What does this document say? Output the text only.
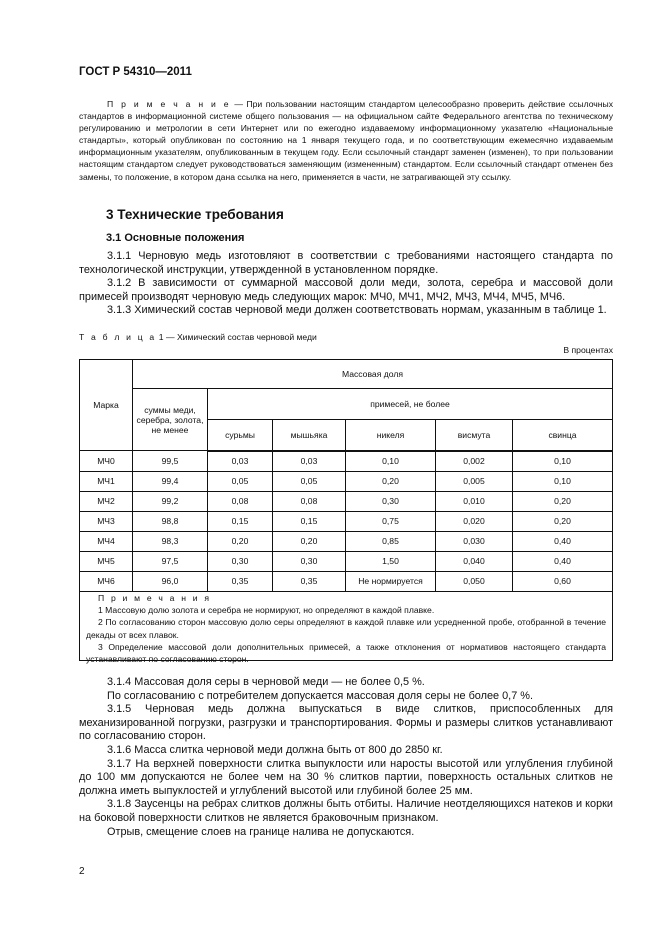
ГОСТ Р 54310—2011
П р и м е ч а н и е — При пользовании настоящим стандартом целесообразно проверить действие ссылочных стандартов в информационной системе общего пользования — на официальном сайте Федерального агентства по техническому регулированию и метрологии в сети Интернет или по ежегодно издаваемому информационному указателю «Национальные стандарты», который опубликован по состоянию на 1 января текущего года, и по соответствующим ежемесячно издаваемым информационным указателям, опубликованным в текущем году. Если ссылочный стандарт заменен (изменен), то при пользовании настоящим стандартом следует руководствоваться заменяющим (измененным) стандартом. Если ссылочный стандарт отменен без замены, то положение, в котором дана ссылка на него, применяется в части, не затрагивающей эту ссылку.
3 Технические требования
3.1 Основные положения
3.1.1 Черновую медь изготовляют в соответствии с требованиями настоящего стандарта по технологической инструкции, утвержденной в установленном порядке.
3.1.2 В зависимости от суммарной массовой доли меди, золота, серебра и массовой доли примесей производят черновую медь следующих марок: МЧ0, МЧ1, МЧ2, МЧ3, МЧ4, МЧ5, МЧ6.
3.1.3 Химический состав черновой меди должен соответствовать нормам, указанным в таблице 1.
Т а б л и ц а 1 — Химический состав черновой меди
В процентах
Марка	Массовая доля					
	суммы меди, серебра, золота, не менее	примесей, не более				
		сурьмы	мышьяка	никеля	висмута	свинца
МЧ0	99,5	0,03	0,03	0,10	0,002	0,10
МЧ1	99,4	0,05	0,05	0,20	0,005	0,10
МЧ2	99,2	0,08	0,08	0,30	0,010	0,20
МЧ3	98,8	0,15	0,15	0,75	0,020	0,20
МЧ4	98,3	0,20	0,20	0,85	0,030	0,40
МЧ5	97,5	0,30	0,30	1,50	0,040	0,40
МЧ6	96,0	0,35	0,35	Не нормируется	0,050	0,60
П р и м е ч а н и я
1 Массовую долю золота и серебра не нормируют, но определяют в каждой плавке.
2 По согласованию сторон массовую долю серы определяют в каждой плавке или усредненной пробе, отобранной в течение декады от всех плавок.
3 Определение массовой доли дополнительных примесей, а также отклонения от нормативов настоящего стандарта устанавливают по согласованию сторон.
3.1.4 Массовая доля серы в черновой меди — не более 0,5 %.
По согласованию с потребителем допускается массовая доля серы не более 0,7 %.
3.1.5 Черновая медь должна выпускаться в виде слитков, приспособленных для механизированной погрузки, разгрузки и транспортирования. Формы и размеры слитков устанавливают по согласованию сторон.
3.1.6 Масса слитка черновой меди должна быть от 800 до 2850 кг.
3.1.7 На верхней поверхности слитка выпуклости или наросты высотой или углубления глубиной до 100 мм допускаются не более чем на 30 % слитков партии, поверхность остальных слитков не должна иметь выпуклостей и углублений высотой или глубиной более 25 мм.
3.1.8 Заусенцы на ребрах слитков должны быть отбиты. Наличие неотделяющихся натеков и корки на боковой поверхности слитков не является браковочным признаком.
Отрыв, смещение слоев на границе налива не допускаются.
2
